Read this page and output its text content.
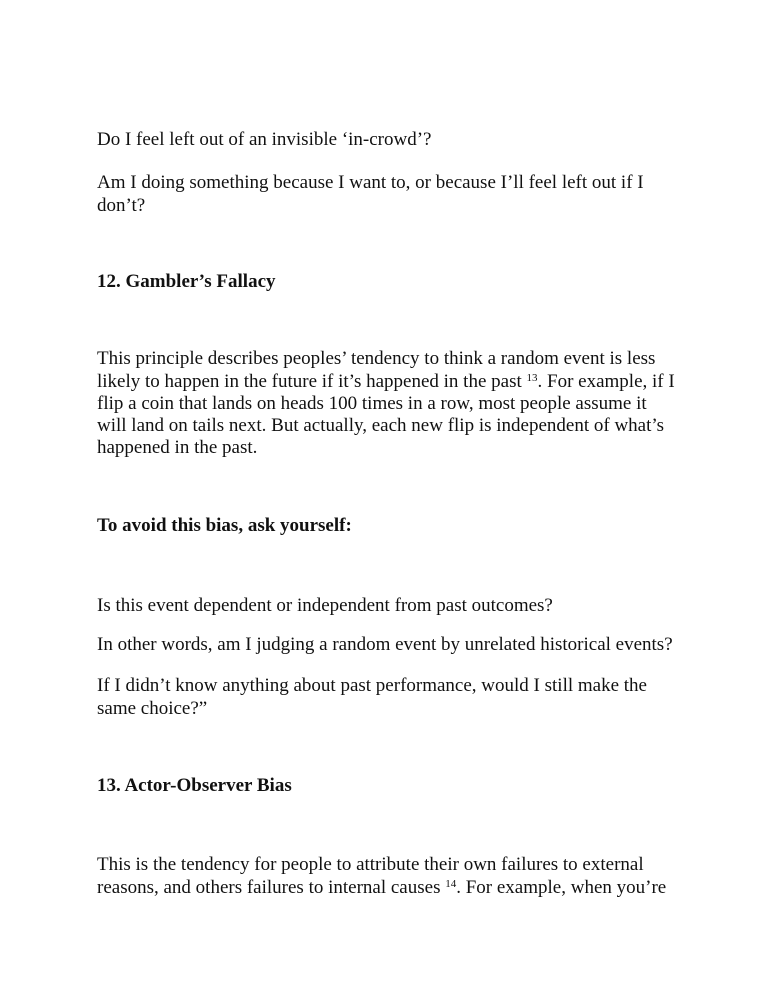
Do I feel left out of an invisible ‘in-crowd’?
Am I doing something because I want to, or because I’ll feel left out if I
don’t?
12. Gambler’s Fallacy
This principle describes peoples’ tendency to think a random event is less
likely to happen in the future if it’s happened in the past $^{13}$. For example, if I
flip a coin that lands on heads 100 times in a row, most people assume it
will land on tails next. But actually, each new flip is independent of what’s
happened in the past.
To avoid this bias, ask yourself:
Is this event dependent or independent from past outcomes?
In other words, am I judging a random event by unrelated historical events?
If I didn’t know anything about past performance, would I still make the
same choice?”
13. Actor-Observer Bias
This is the tendency for people to attribute their own failures to external
reasons, and others failures to internal causes $^{14}$. For example, when you’re
